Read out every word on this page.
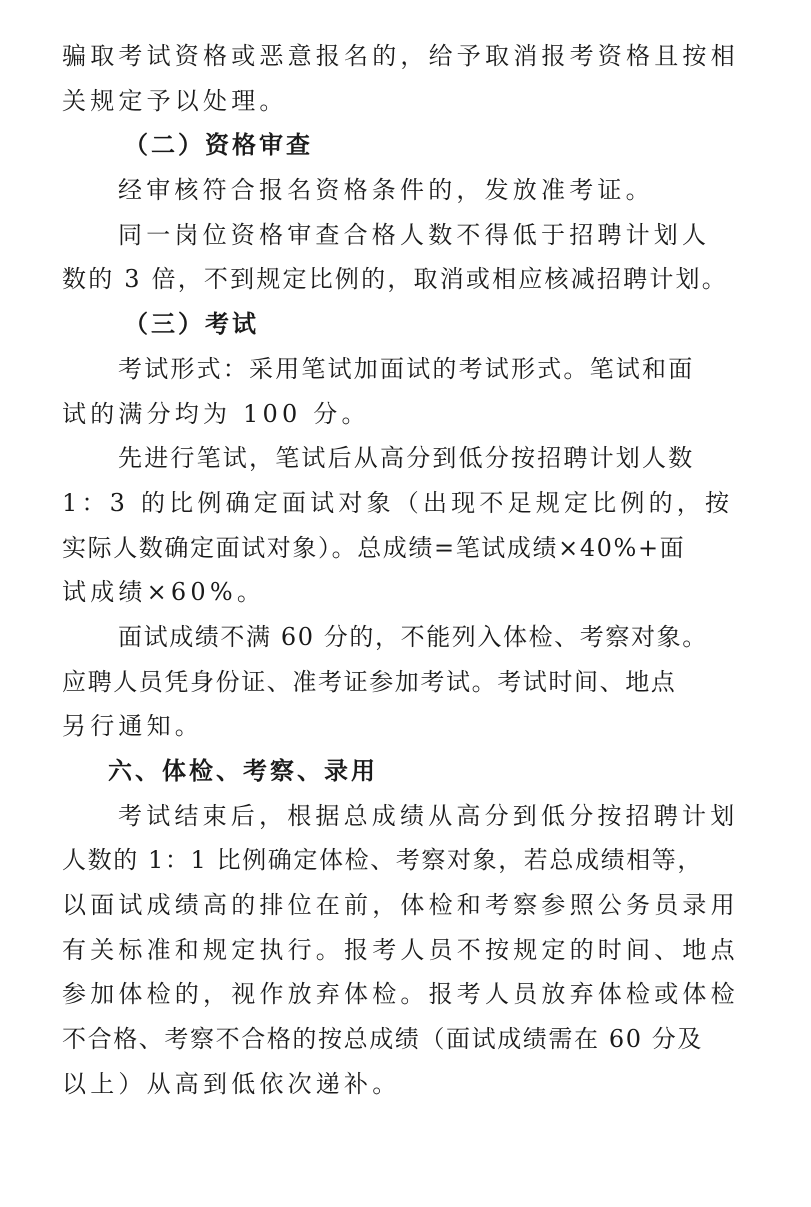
骗取考试资格或恶意报名的，给予取消报考资格且按相
关规定予以处理。
（二）资格审查
经审核符合报名资格条件的，发放准考证。
同一岗位资格审查合格人数不得低于招聘计划人
数的 3 倍，不到规定比例的，取消或相应核减招聘计划。
（三）考试
考试形式：采用笔试加面试的考试形式。笔试和面
试的满分均为 100 分。
先进行笔试，笔试后从高分到低分按招聘计划人数
1：3 的比例确定面试对象（出现不足规定比例的，按
实际人数确定面试对象）。总成绩=笔试成绩×40%+面
试成绩×60%。
面试成绩不满 60 分的，不能列入体检、考察对象。
应聘人员凭身份证、准考证参加考试。考试时间、地点
另行通知。
六、体检、考察、录用
考试结束后，根据总成绩从高分到低分按招聘计划
人数的 1：1 比例确定体检、考察对象，若总成绩相等，
以面试成绩高的排位在前，体检和考察参照公务员录用
有关标准和规定执行。报考人员不按规定的时间、地点
参加体检的，视作放弃体检。报考人员放弃体检或体检
不合格、考察不合格的按总成绩（面试成绩需在 60 分及
以上）从高到低依次递补。
